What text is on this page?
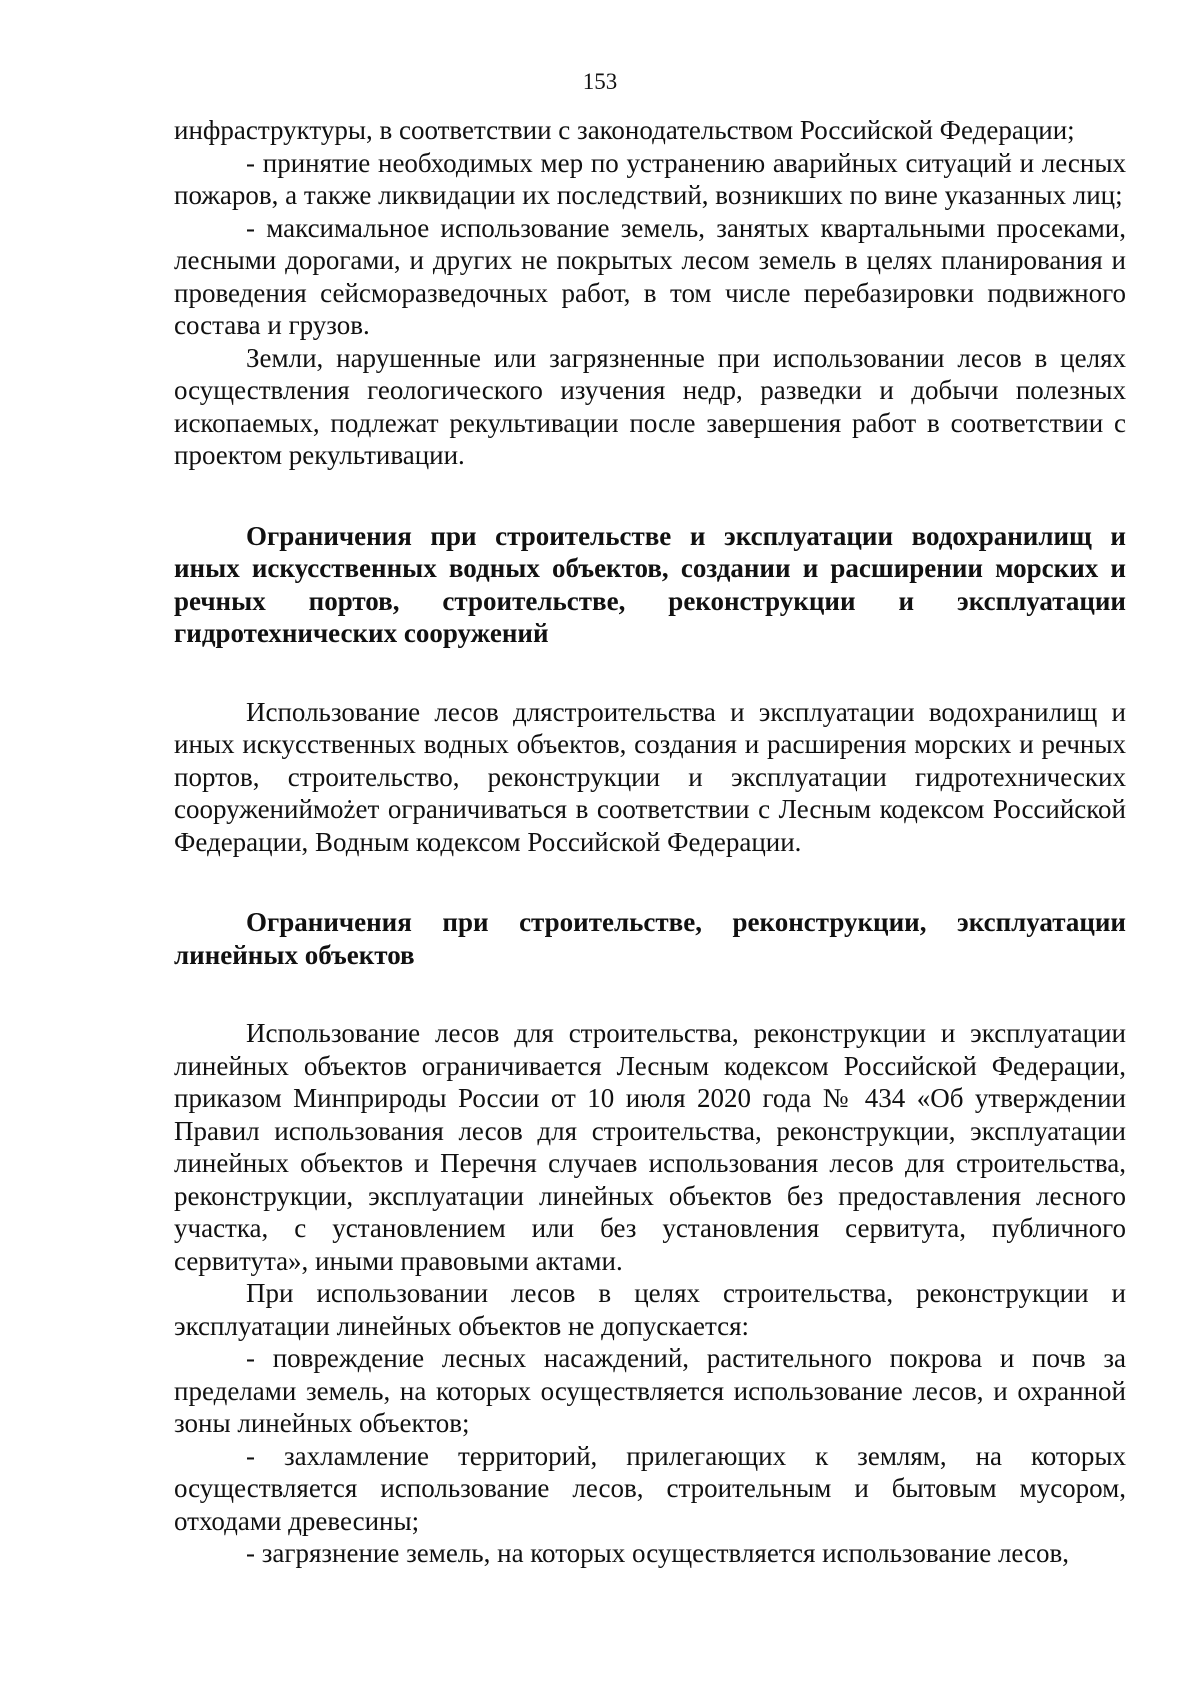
153

инфраструктуры, в соответствии с законодательством Российской Федерации;

- принятие необходимых мер по устранению аварийных ситуаций и лесных пожаров, а также ликвидации их последствий, возникших по вине указанных лиц;

- максимальное использование земель, занятых квартальными просеками, лесными дорогами, и других не покрытых лесом земель в целях планирования и проведения сейсморазведочных работ, в том числе перебазировки подвижного состава и грузов.

Земли, нарушенные или загрязненные при использовании лесов в целях осуществления геологического изучения недр, разведки и добычи полезных ископаемых, подлежат рекультивации после завершения работ в соответствии с проектом рекультивации.

Ограничения при строительстве и эксплуатации водохранилищ и иных искусственных водных объектов, создании и расширении морских и речных портов, строительстве, реконструкции и эксплуатации гидротехнических сооружений

Использование лесов длястроительства и эксплуатации водохранилищ и иных искусственных водных объектов, создания и расширения морских и речных портов, строительство, реконструкции и эксплуатации гидротехнических сооружениймożет ограничиваться в соответствии с Лесным кодексом Российской Федерации, Водным кодексом Российской Федерации.

Ограничения при строительстве, реконструкции, эксплуатации линейных объектов

Использование лесов для строительства, реконструкции и эксплуатации линейных объектов ограничивается Лесным кодексом Российской Федерации, приказом Минприроды России от 10 июля 2020 года № 434 «Об утверждении Правил использования лесов для строительства, реконструкции, эксплуатации линейных объектов и Перечня случаев использования лесов для строительства, реконструкции, эксплуатации линейных объектов без предоставления лесного участка, с установлением или без установления сервитута, публичного сервитута», иными правовыми актами.

При использовании лесов в целях строительства, реконструкции и эксплуатации линейных объектов не допускается:

- повреждение лесных насаждений, растительного покрова и почв за пределами земель, на которых осуществляется использование лесов, и охранной зоны линейных объектов;

- захламление территорий, прилегающих к землям, на которых осуществляется использование лесов, строительным и бытовым мусором, отходами древесины;

- загрязнение земель, на которых осуществляется использование лесов,
